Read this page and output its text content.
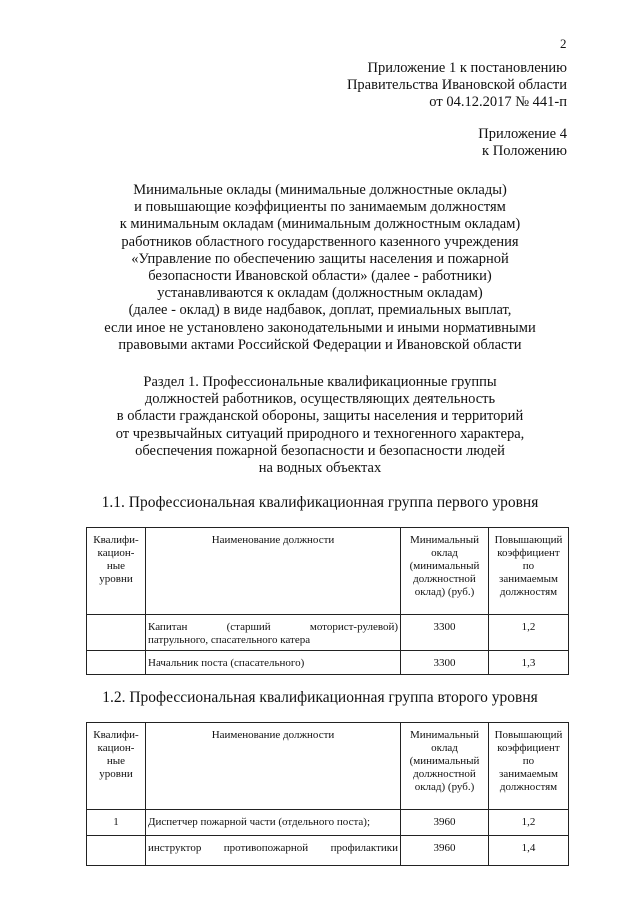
2
Приложение 1 к постановлению
Правительства Ивановской области
от 04.12.2017 № 441-п
Приложение 4
к Положению
Минимальные оклады (минимальные должностные оклады)
и повышающие коэффициенты по занимаемым должностям
к минимальным окладам (минимальным должностным окладам)
работников областного государственного казенного учреждения
«Управление по обеспечению защиты населения и пожарной
безопасности Ивановской области» (далее - работники)
устанавливаются к окладам (должностным окладам)
(далее - оклад) в виде надбавок, доплат, премиальных выплат,
если иное не установлено законодательными и иными нормативными
правовыми актами Российской Федерации и Ивановской области
Раздел 1. Профессиональные квалификационные группы
должностей работников, осуществляющих деятельность
в области гражданской обороны, защиты населения и территорий
от чрезвычайных ситуаций природного и техногенного характера,
обеспечения пожарной безопасности и безопасности людей
на водных объектах
1.1. Профессиональная квалификационная группа первого уровня
Квалифи-
кацион-
ные
уровни	Наименование должности	Минимальный
оклад
(минимальный
должностной
оклад) (руб.)	Повышающий
коэффициент
по
занимаемым
должностям

	Капитан (старший моторист-рулевой)
патрульного, спасательного катера	3300	1,2
	Начальник поста (спасательного)	3300	1,3
1.2. Профессиональная квалификационная группа второго уровня
Квалифи-
кацион-
ные
уровни	Наименование должности	Минимальный
оклад
(минимальный
должностной
оклад) (руб.)	Повышающий
коэффициент
по
занимаемым
должностям
1	Диспетчер пожарной части (отдельного поста);	3960	1,2

	инструктор противопожарной профилактики	3960	1,4
